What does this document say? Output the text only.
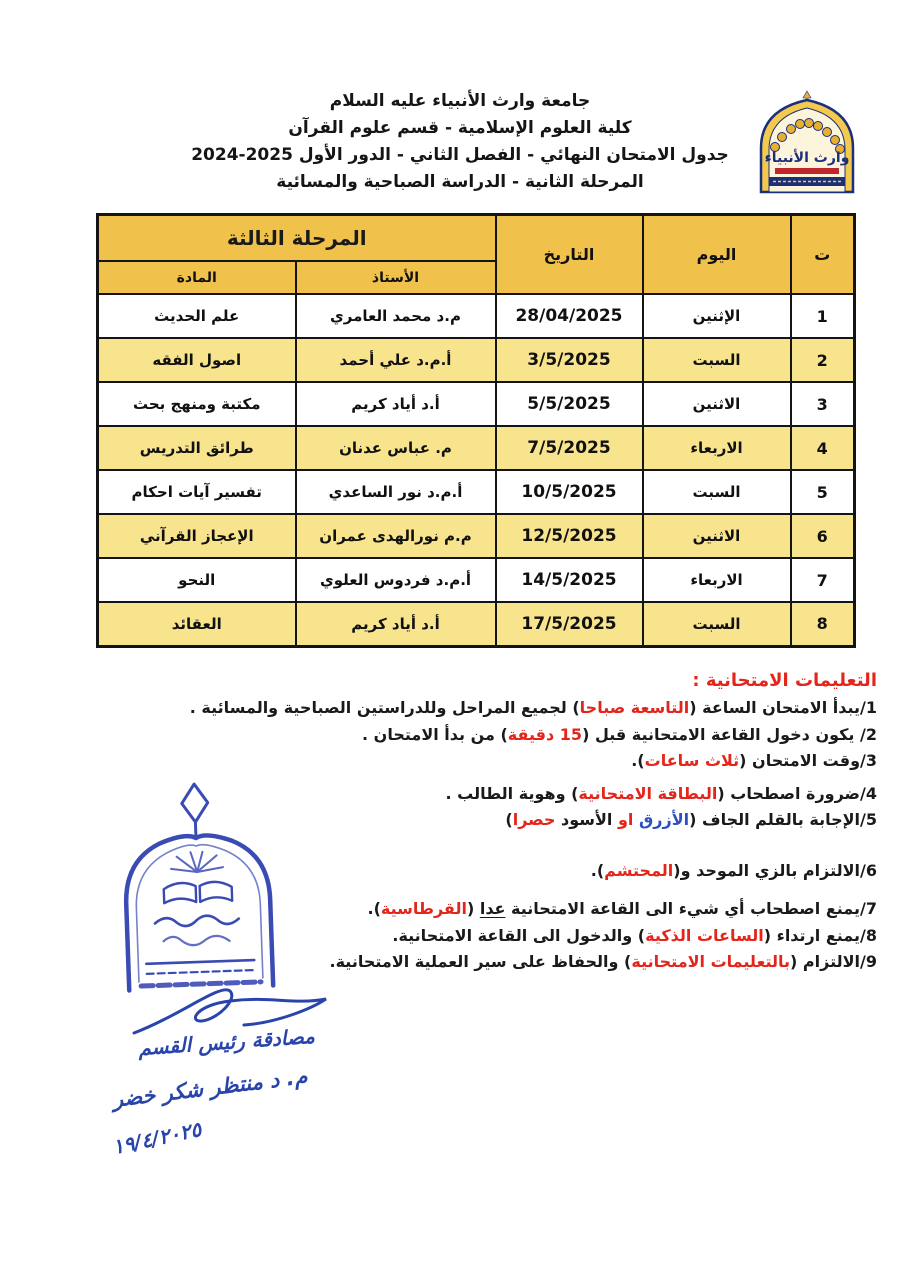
جامعة وارث الأنبياء عليه السلام
كلية العلوم الإسلامية - قسم علوم القرآن
جدول الامتحان النهائي - الفصل الثاني - الدور الأول 2025-2024
المرحلة الثانية - الدراسة الصباحية والمسائية
وارث الأنبياء
ت	اليوم	التاريخ	المرحلة الثالثة	
			الأستاذ	المادة
1	الإثنين	28/04/2025	م.د محمد العامري	علم الحديث
2	السبت	3/5/2025	أ.م.د علي أحمد	اصول الفقه
3	الاثنين	5/5/2025	أ.د أياد كريم	مكتبة ومنهج بحث
4	الاربعاء	7/5/2025	م. عباس عدنان	طرائق التدريس
5	السبت	10/5/2025	أ.م.د نور الساعدي	تفسير آيات احكام
6	الاثنين	12/5/2025	م.م نورالهدى عمران	الإعجاز القرآني
7	الاربعاء	14/5/2025	أ.م.د فردوس العلوي	النحو
8	السبت	17/5/2025	أ.د أياد كريم	العقائد
التعليمات الامتحانية :
1/يبدأ الامتحان الساعة (التاسعة صباحا) لجميع المراحل وللدراستين الصباحية والمسائية .
2/ يكون دخول القاعة الامتحانية قبل (15 دقيقة) من بدأ الامتحان .
3/وقت الامتحان (ثلاث ساعات).
4/ضرورة اصطحاب (البطاقة الامتحانية) وهوية الطالب .
5/الإجابة بالقلم الجاف (الأزرق او الأسود حصرا)
6/الالتزام بالزي الموحد و(المحتشم).
7/يمنع اصطحاب أي شيء الى القاعة الامتحانية عدا (القرطاسية).
8/يمنع ارتداء (الساعات الذكية) والدخول الى القاعة الامتحانية.
9/الالتزام (بالتعليمات الامتحانية) والحفاظ على سير العملية الامتحانية.
مصادقة رئيس القسم
م. د منتظر شكر خضر
١٩/٤/٢٠٢٥
